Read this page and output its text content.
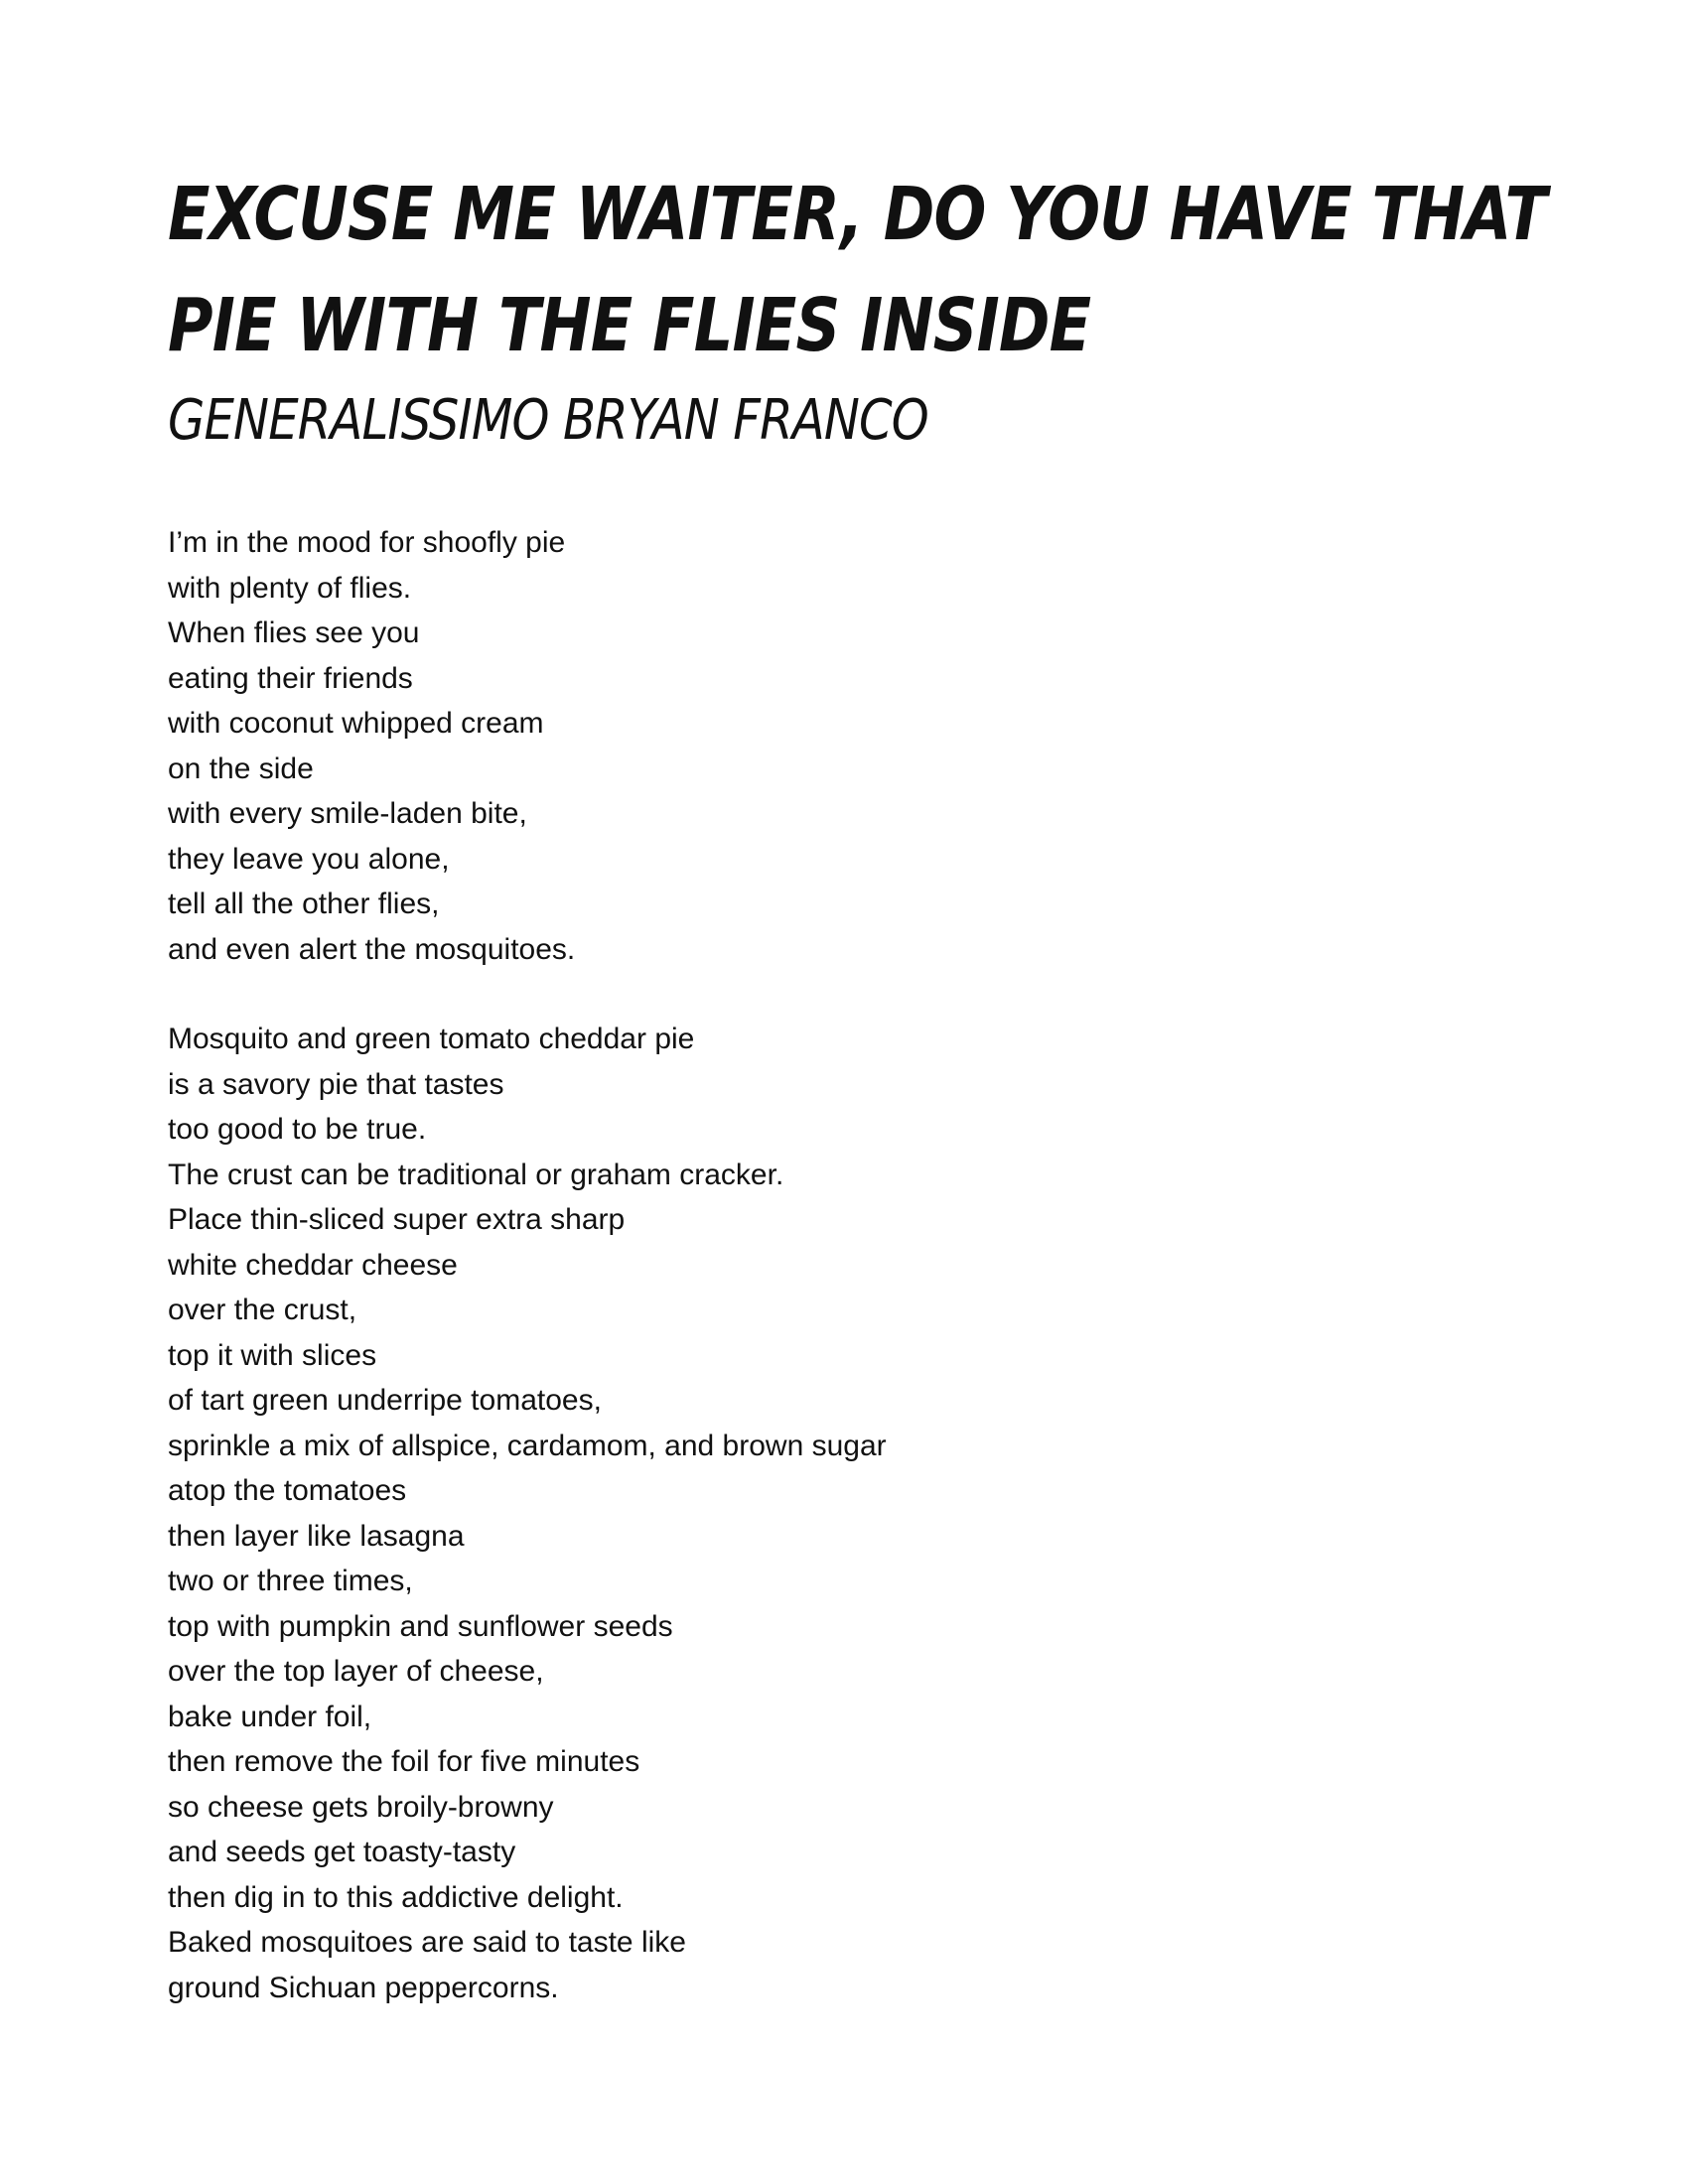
EXCUSE ME WAITER, DO YOU HAVE THAT
PIE WITH THE FLIES INSIDE
GENERALISSIMO BRYAN FRANCO
I’m in the mood for shoofly pie
with plenty of flies.
When flies see you
eating their friends
with coconut whipped cream
on the side
with every smile-laden bite,
they leave you alone,
tell all the other flies,
and even alert the mosquitoes.
Mosquito and green tomato cheddar pie
is a savory pie that tastes
too good to be true.
The crust can be traditional or graham cracker.
Place thin-sliced super extra sharp
white cheddar cheese
over the crust,
top it with slices
of tart green underripe tomatoes,
sprinkle a mix of allspice, cardamom, and brown sugar
atop the tomatoes
then layer like lasagna
two or three times,
top with pumpkin and sunflower seeds
over the top layer of cheese,
bake under foil,
then remove the foil for five minutes
so cheese gets broily-browny
and seeds get toasty-tasty
then dig in to this addictive delight.
Baked mosquitoes are said to taste like
ground Sichuan peppercorns.
